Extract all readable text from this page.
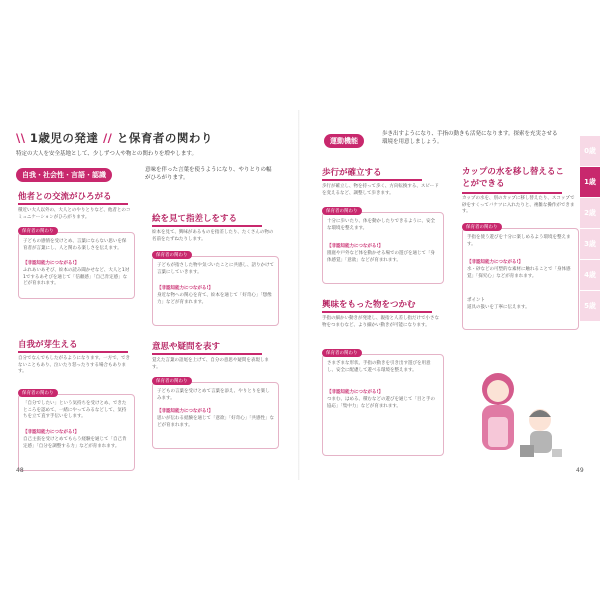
\\ 1歳児の発達 // と保育者の関わり
特定の大人を安全基地として、少しずつ人や物との関わりを増やします。
自我・社会性・言語・認識
意味を伴った言葉を使うようになり、やりとりの幅がひろがります。
他者との交流がひろがる
積近い大人以外の、大人とのやりとりなど、他者とのコミュニケーションがひろがります。
保育者の関わり
子どもの感情を受けとめ、言葉にならない思いを保育者が言葉にし、人と関わる楽しさを伝えます。
【非認知能力につながる!】
ふれあいあそび、絵本の読み聞かせなど、大人と1対1でするあそびを通じて「信頼感」「自己肯定感」などが育まれます。
絵を見て指差しをする
絵本を見て、興味があるものを指差したり、たくさんの物の名前をたずねたりします。
保育者の関わり
子どもが指さした物や気づいたことに共感し、語りかけて言葉にしていきます。
【非認知能力につながる!】
身近な物への関心を育て、絵本を通じて「好奇心」「想像力」などが育まれます。
自我が芽生える
自分でなんでもしたがるようになります。一方で、できないこともあり、泣いたり怒ったりする場合もあります。
保育者の関わり
「自分でしたい」という気持ちを受けとめ、できたところを認めて、一緒にやってみるなどして、気持ちを立て直す手伝いをします。
【非認知能力につながる!】
自己主張を受けとめてもらう経験を通じて「自己肯定感」「自分を調整する力」などが育まれます。
意思や疑問を表す
覚えた言葉の語尾を上げて、自分の意思や疑問を表現します。
保育者の関わり
子どもの言葉を受けとめて言葉を添え、やりとりを楽しみます。
【非認知能力につながる!】
思いが伝わる経験を通じて「意欲」「好奇心」「共感性」などが育まれます。
48
運動機能
歩き出すようになり、手指の動きも活発になります。探索を充実させる環境を用意しましょう。
歩行が確立する
歩行が確立し、物を持って歩く、方向転換する、スピードを変えるなど、調整して歩きます。
保育者の関わり
十分に歩いたり、体を動かしたりできるように、安全な環境を整えます。
【非認知能力につながる!】
園庭や戸外など体を動かせる場での遊びを通じて「身体感覚」「意欲」などが育まれます。
カップの水を移し替えることができる
カップの水を、別のカップに移し替えたり、スコップで砂をすくってバケツに入れたりと、複雑な操作ができます。
保育者の関わり
手指を使う遊びを十分に楽しめるよう環境を整えます。
【非認知能力につながる!】
水・砂などの可塑的な素材に触れることで「身体感覚」「探究心」などが育まれます。
ポイント
道具の扱いを丁寧に伝えます。
興味をもった物をつかむ
手指の細かい動きが発達し、親指と人差し指だけで小さな物をつまむなど、より細かい動きが可能になります。
保育者の関わり
さまざまな形状、手指の動きを引き出す遊びを用意し、安全に配慮して遊べる環境を整えます。
【非認知能力につながる!】
つまむ、はめる、積むなどの遊びを通じて「目と手の協応」「集中力」などが育まれます。
49
0歳
1歳
2歳
3歳
4歳
5歳
